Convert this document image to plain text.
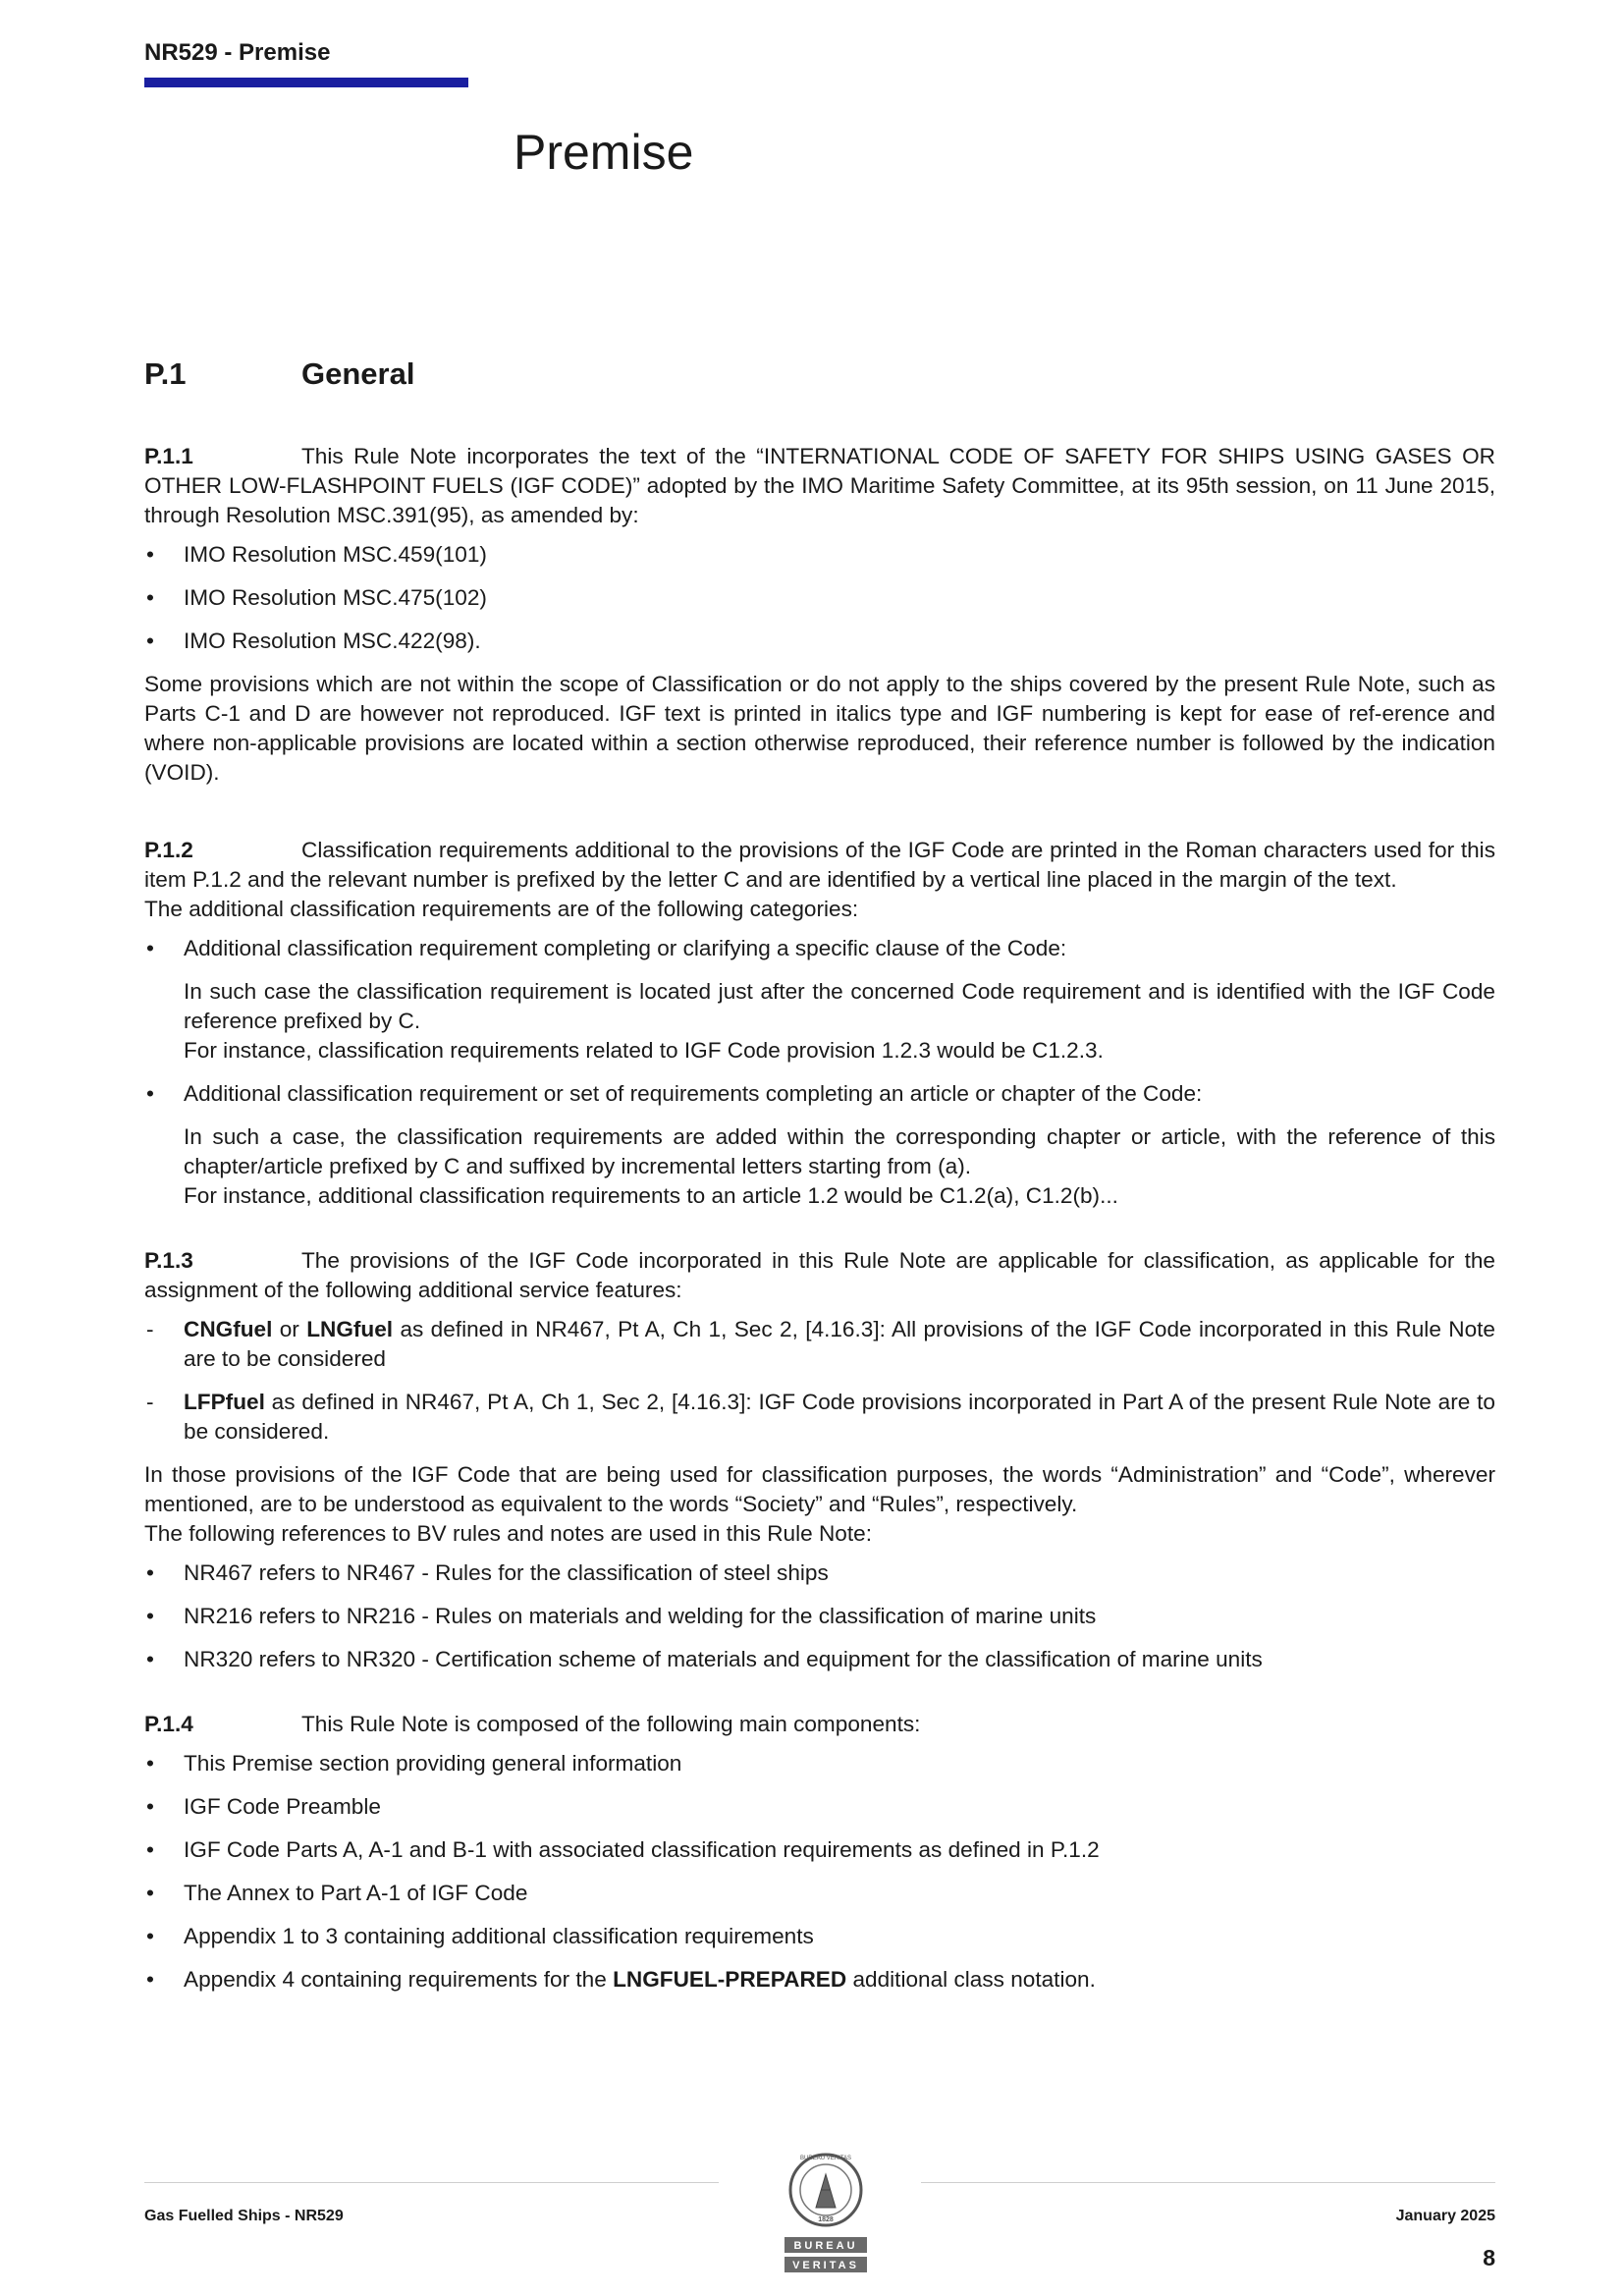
NR529 - Premise
Premise
P.1	General

P.1.1	This Rule Note incorporates the text of the “INTERNATIONAL CODE OF SAFETY FOR SHIPS USING GASES OR OTHER LOW-FLASHPOINT FUELS (IGF CODE)” adopted by the IMO Maritime Safety Committee, at its 95th session, on 11 June 2015, through Resolution MSC.391(95), as amended by:

• IMO Resolution MSC.459(101)
• IMO Resolution MSC.475(102)
• IMO Resolution MSC.422(98).

Some provisions which are not within the scope of Classification or do not apply to the ships covered by the present Rule Note, such as Parts C-1 and D are however not reproduced. IGF text is printed in italics type and IGF numbering is kept for ease of ref-erence and where non-applicable provisions are located within a section otherwise reproduced, their reference number is followed by the indication (VOID).

P.1.2	Classification requirements additional to the provisions of the IGF Code are printed in the Roman characters used for this item P.1.2 and the relevant number is prefixed by the letter C and are identified by a vertical line placed in the margin of the text.

The additional classification requirements are of the following categories:

• Additional classification requirement completing or clarifying a specific clause of the Code:

In such case the classification requirement is located just after the concerned Code requirement and is identified with the IGF Code reference prefixed by C.

For instance, classification requirements related to IGF Code provision 1.2.3 would be C1.2.3.

• Additional classification requirement or set of requirements completing an article or chapter of the Code:

In such a case, the classification requirements are added within the corresponding chapter or article, with the reference of this chapter/article prefixed by C and suffixed by incremental letters starting from (a).

For instance, additional classification requirements to an article 1.2 would be C1.2(a), C1.2(b)...

P.1.3	The provisions of the IGF Code incorporated in this Rule Note are applicable for classification, as applicable for the assignment of the following additional service features:

- CNGfuel or LNGfuel as defined in NR467, Pt A, Ch 1, Sec 2, [4.16.3]: All provisions of the IGF Code incorporated in this Rule Note are to be considered
- LFPfuel as defined in NR467, Pt A, Ch 1, Sec 2, [4.16.3]: IGF Code provisions incorporated in Part A of the present Rule Note are to be considered.

In those provisions of the IGF Code that are being used for classification purposes, the words “Administration” and “Code”, wherever mentioned, are to be understood as equivalent to the words “Society” and “Rules”, respectively.

The following references to BV rules and notes are used in this Rule Note:

• NR467 refers to NR467 - Rules for the classification of steel ships
• NR216 refers to NR216 - Rules on materials and welding for the classification of marine units
• NR320 refers to NR320 - Certification scheme of materials and equipment for the classification of marine units

P.1.4	This Rule Note is composed of the following main components:

• This Premise section providing general information
• IGF Code Preamble
• IGF Code Parts A, A-1 and B-1 with associated classification requirements as defined in P.1.2
• The Annex to Part A-1 of IGF Code
• Appendix 1 to 3 containing additional classification requirements
• Appendix 4 containing requirements for the LNGFUEL-PREPARED additional class notation.
Gas Fuelled Ships - NR529	January 2025
8
BUREAU VERITAS
1828
BUREAU
VERITAS
